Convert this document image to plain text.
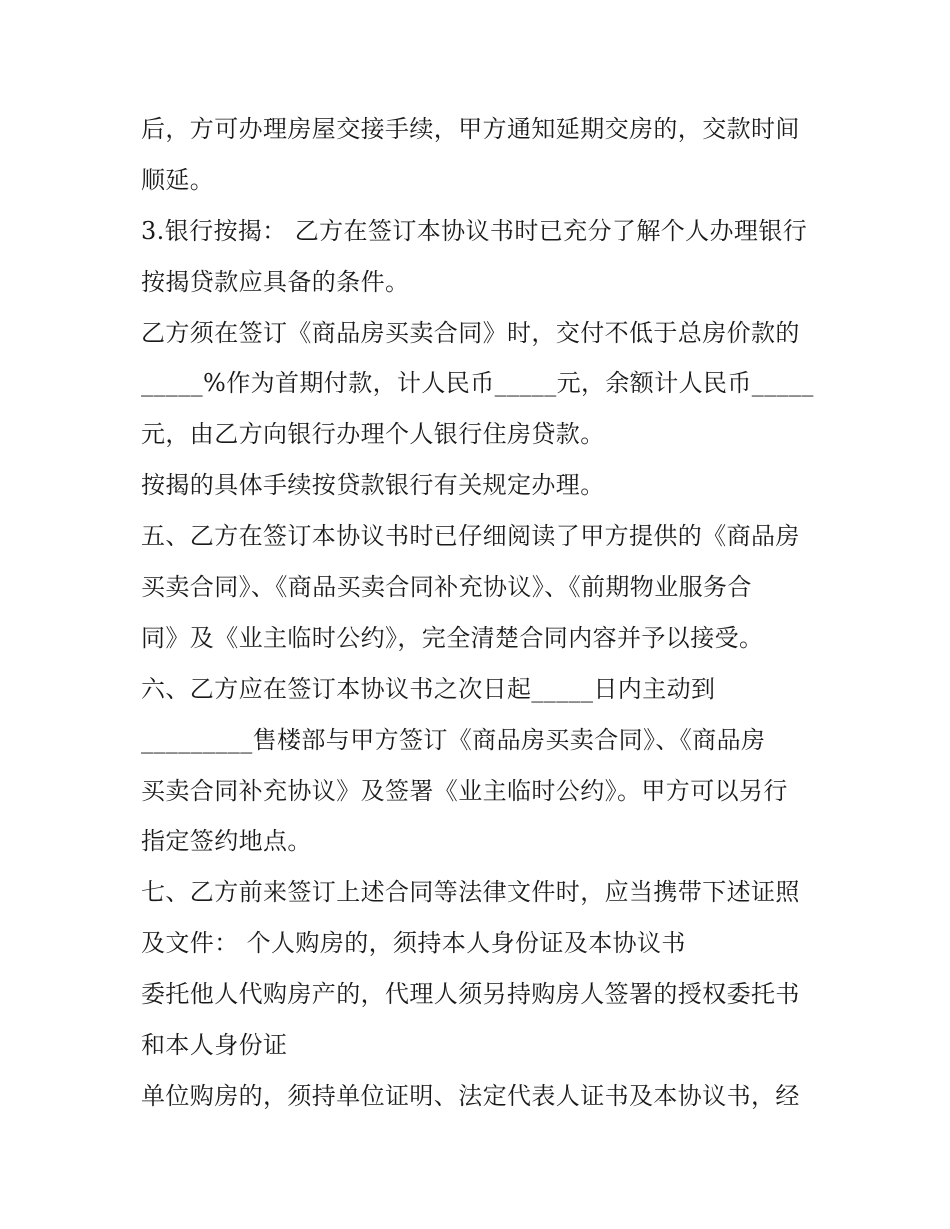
后，方可办理房屋交接手续，甲方通知延期交房的，交款时间
顺延。
3.银行按揭： 乙方在签订本协议书时已充分了解个人办理银行
按揭贷款应具备的条件。
乙方须在签订《商品房买卖合同》时，交付不低于总房价款的
_____%作为首期付款，计人民币_____元，余额计人民币_____
元，由乙方向银行办理个人银行住房贷款。
按揭的具体手续按贷款银行有关规定办理。
五、乙方在签订本协议书时已仔细阅读了甲方提供的《商品房
买卖合同》、《商品买卖合同补充协议》、《前期物业服务合
同》及《业主临时公约》，完全清楚合同内容并予以接受。
六、乙方应在签订本协议书之次日起_____日内主动到
_________售楼部与甲方签订《商品房买卖合同》、《商品房
买卖合同补充协议》及签署《业主临时公约》。甲方可以另行
指定签约地点。
七、乙方前来签订上述合同等法律文件时，应当携带下述证照
及文件： 个人购房的，须持本人身份证及本协议书
委托他人代购房产的，代理人须另持购房人签署的授权委托书
和本人身份证
单位购房的，须持单位证明、法定代表人证书及本协议书，经
